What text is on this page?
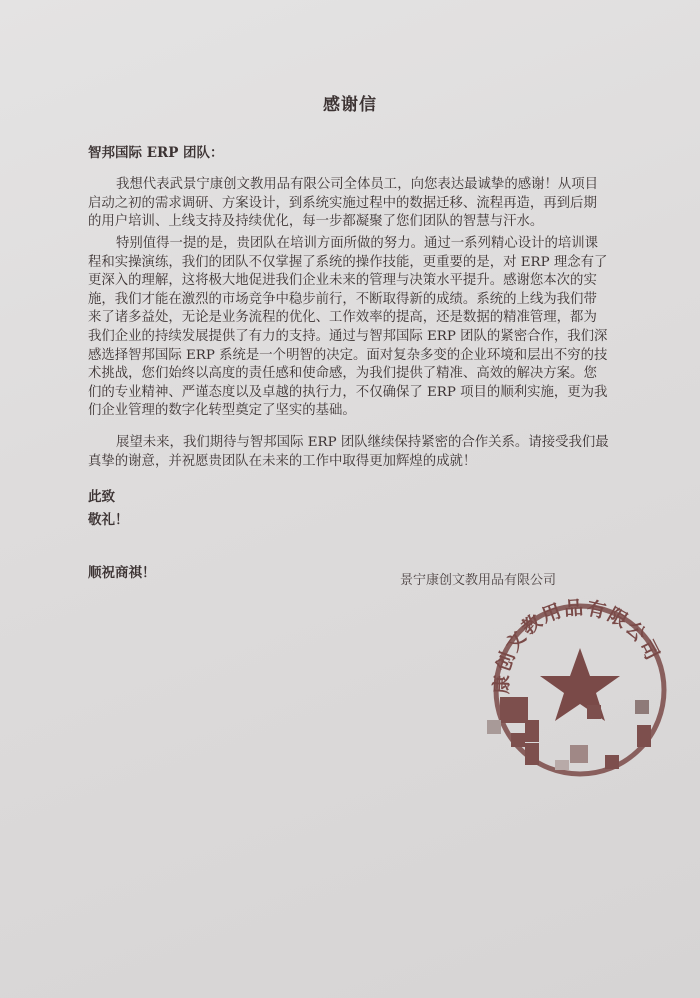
感谢信
智邦国际 ERP 团队：
我想代表武景宁康创文教用品有限公司全体员工，向您表达最诚挚的感谢！从项目
启动之初的需求调研、方案设计，到系统实施过程中的数据迁移、流程再造，再到后期
的用户培训、上线支持及持续优化，每一步都凝聚了您们团队的智慧与汗水。
特别值得一提的是，贵团队在培训方面所做的努力。通过一系列精心设计的培训课
程和实操演练，我们的团队不仅掌握了系统的操作技能，更重要的是，对 ERP 理念有了
更深入的理解，这将极大地促进我们企业未来的管理与决策水平提升。感谢您本次的实
施，我们才能在激烈的市场竞争中稳步前行，不断取得新的成绩。系统的上线为我们带
来了诸多益处，无论是业务流程的优化、工作效率的提高，还是数据的精准管理，都为
我们企业的持续发展提供了有力的支持。通过与智邦国际 ERP 团队的紧密合作，我们深
感选择智邦国际 ERP 系统是一个明智的决定。面对复杂多变的企业环境和层出不穷的技
术挑战，您们始终以高度的责任感和使命感，为我们提供了精准、高效的解决方案。您
们的专业精神、严谨态度以及卓越的执行力，不仅确保了 ERP 项目的顺利实施，更为我
们企业管理的数字化转型奠定了坚实的基础。
展望未来，我们期待与智邦国际 ERP 团队继续保持紧密的合作关系。请接受我们最
真挚的谢意，并祝愿贵团队在未来的工作中取得更加辉煌的成就！
此致
敬礼！
顺祝商祺！	景宁康创文教用品有限公司
康创文教用品有限公司
